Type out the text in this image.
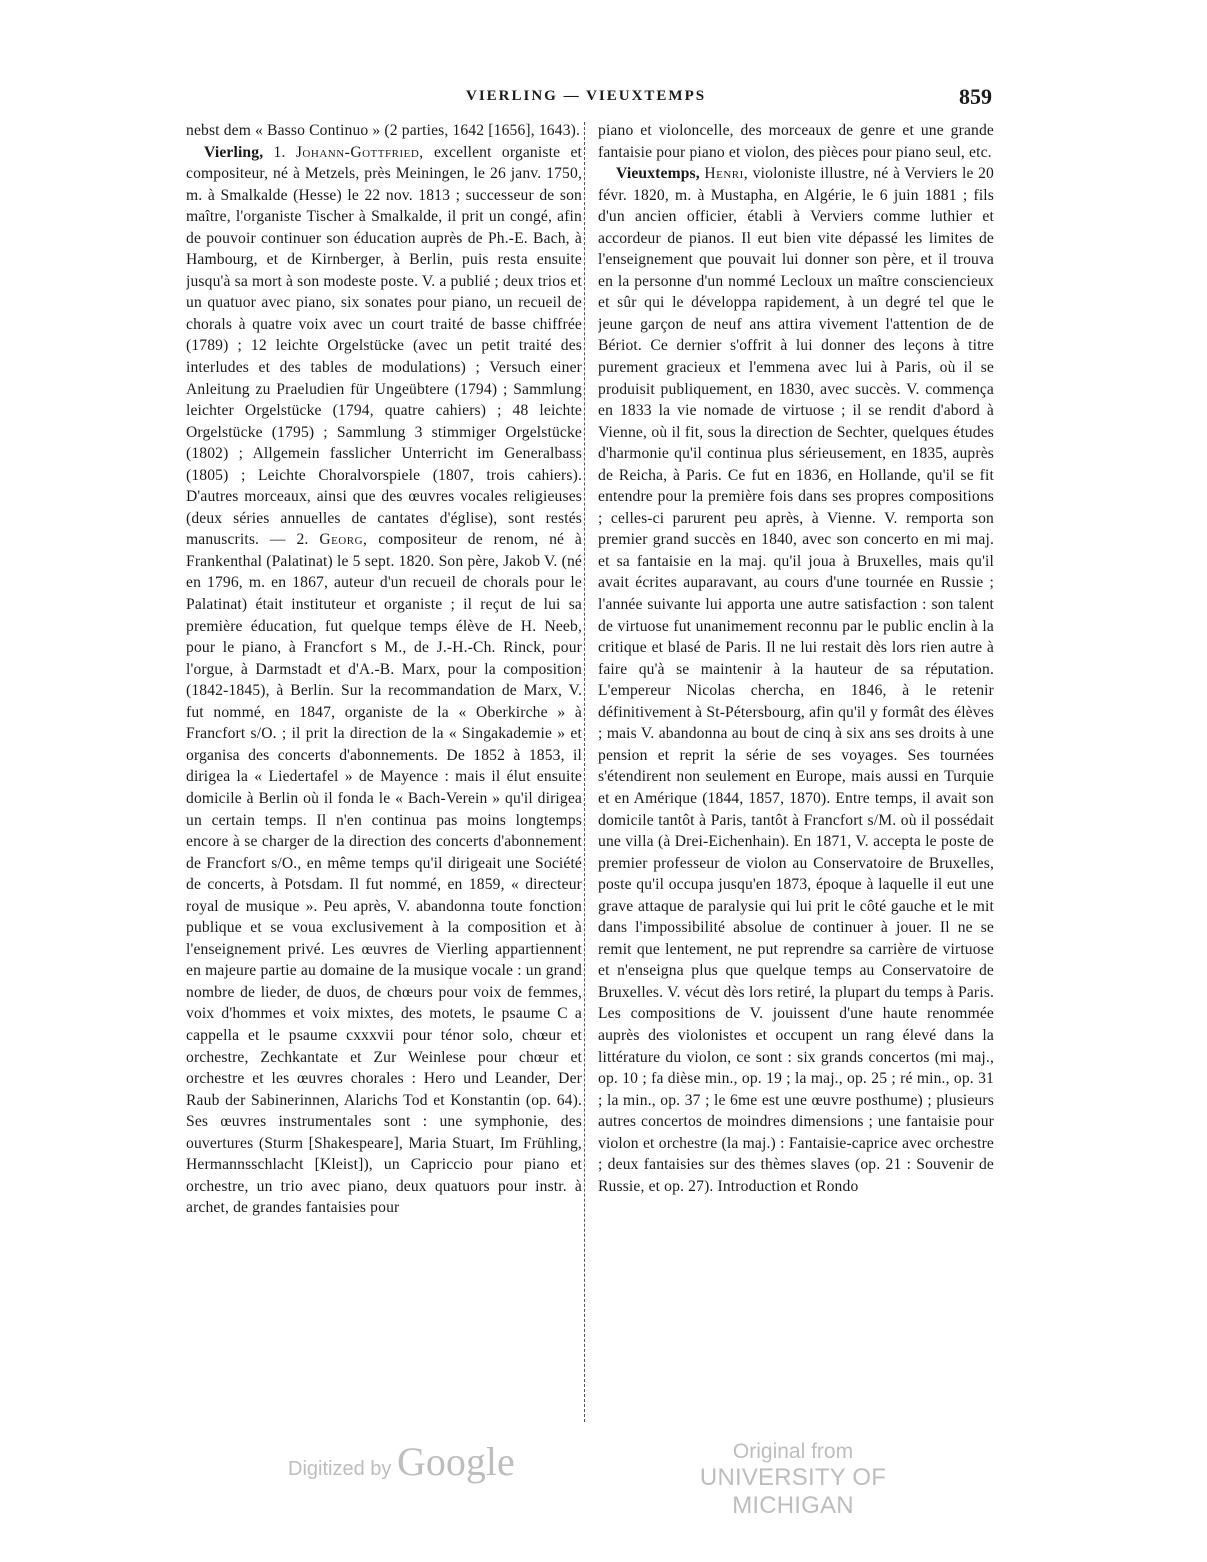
VIERLING — VIEUXTEMPS	859

nebst dem « Basso Continuo » (2 parties, 1642 [1656], 1643).

Vierling, 1. Johann-Gottfried, excellent organiste et compositeur, né à Metzels, près Meiningen, le 26 janv. 1750, m. à Smalkalde (Hesse) le 22 nov. 1813 ; successeur de son maître, l'organiste Tischer à Smalkalde, il prit un congé, afin de pouvoir continuer son éducation auprès de Ph.-E. Bach, à Hambourg, et de Kirnberger, à Berlin, puis resta ensuite jusqu'à sa mort à son modeste poste. V. a publié ; deux trios et un quatuor avec piano, six sonates pour piano, un recueil de chorals à quatre voix avec un court traité de basse chiffrée (1789) ; 12 leichte Orgelstücke (avec un petit traité des interludes et des tables de modulations) ; Versuch einer Anleitung zu Praeludien für Ungeübtere (1794) ; Sammlung leichter Orgelstücke (1794, quatre cahiers) ; 48 leichte Orgelstücke (1795) ; Sammlung 3 stimmiger Orgelstücke (1802) ; Allgemein fasslicher Unterricht im Generalbass (1805) ; Leichte Choralvorspiele (1807, trois cahiers). D'autres morceaux, ainsi que des œuvres vocales religieuses (deux séries annuelles de cantates d'église), sont restés manuscrits. — 2. Georg, compositeur de renom, né à Frankenthal (Palatinat) le 5 sept. 1820. Son père, Jakob V. (né en 1796, m. en 1867, auteur d'un recueil de chorals pour le Palatinat) était instituteur et organiste ; il reçut de lui sa première éducation, fut quelque temps élève de H. Neeb, pour le piano, à Francfort s M., de J.-H.-Ch. Rinck, pour l'orgue, à Darmstadt et d'A.-B. Marx, pour la composition (1842-1845), à Berlin. Sur la recommandation de Marx, V. fut nommé, en 1847, organiste de la « Oberkirche » à Francfort s/O. ; il prit la direction de la « Singakademie » et organisa des concerts d'abonnements. De 1852 à 1853, il dirigea la « Liedertafel » de Mayence : mais il élut ensuite domicile à Berlin où il fonda le « Bach-Verein » qu'il dirigea un certain temps. Il n'en continua pas moins longtemps encore à se charger de la direction des concerts d'abonnement de Francfort s/O., en même temps qu'il dirigeait une Société de concerts, à Potsdam. Il fut nommé, en 1859, « directeur royal de musique ». Peu après, V. abandonna toute fonction publique et se voua exclusivement à la composition et à l'enseignement privé. Les œuvres de Vierling appartiennent en majeure partie au domaine de la musique vocale : un grand nombre de lieder, de duos, de chœurs pour voix de femmes, voix d'hommes et voix mixtes, des motets, le psaume C a cappella et le psaume cxxxvii pour ténor solo, chœur et orchestre, Zechkantate et Zur Weinlese pour chœur et orchestre et les œuvres chorales : Hero und Leander, Der Raub der Sabinerinnen, Alarichs Tod et Konstantin (op. 64). Ses œuvres instrumentales sont : une symphonie, des ouvertures (Sturm [Shakespeare], Maria Stuart, Im Frühling, Hermannsschlacht [Kleist]), un Capriccio pour piano et orchestre, un trio avec piano, deux quatuors pour instr. à archet, de grandes fantaisies pour

piano et violoncelle, des morceaux de genre et une grande fantaisie pour piano et violon, des pièces pour piano seul, etc.

Vieuxtemps, Henri, violoniste illustre, né à Verviers le 20 févr. 1820, m. à Mustapha, en Algérie, le 6 juin 1881 ; fils d'un ancien officier, établi à Verviers comme luthier et accordeur de pianos. Il eut bien vite dépassé les limites de l'enseignement que pouvait lui donner son père, et il trouva en la personne d'un nommé Lecloux un maître consciencieux et sûr qui le développa rapidement, à un degré tel que le jeune garçon de neuf ans attira vivement l'attention de de Bériot. Ce dernier s'offrit à lui donner des leçons à titre purement gracieux et l'emmena avec lui à Paris, où il se produisit publiquement, en 1830, avec succès. V. commença en 1833 la vie nomade de virtuose ; il se rendit d'abord à Vienne, où il fit, sous la direction de Sechter, quelques études d'harmonie qu'il continua plus sérieusement, en 1835, auprès de Reicha, à Paris. Ce fut en 1836, en Hollande, qu'il se fit entendre pour la première fois dans ses propres compositions ; celles-ci parurent peu après, à Vienne. V. remporta son premier grand succès en 1840, avec son concerto en mi maj. et sa fantaisie en la maj. qu'il joua à Bruxelles, mais qu'il avait écrites auparavant, au cours d'une tournée en Russie ; l'année suivante lui apporta une autre satisfaction : son talent de virtuose fut unanimement reconnu par le public enclin à la critique et blasé de Paris. Il ne lui restait dès lors rien autre à faire qu'à se maintenir à la hauteur de sa réputation. L'empereur Nicolas chercha, en 1846, à le retenir définitivement à St-Pétersbourg, afin qu'il y formât des élèves ; mais V. abandonna au bout de cinq à six ans ses droits à une pension et reprit la série de ses voyages. Ses tournées s'étendirent non seulement en Europe, mais aussi en Turquie et en Amérique (1844, 1857, 1870). Entre temps, il avait son domicile tantôt à Paris, tantôt à Francfort s/M. où il possédait une villa (à Drei-Eichenhain). En 1871, V. accepta le poste de premier professeur de violon au Conservatoire de Bruxelles, poste qu'il occupa jusqu'en 1873, époque à laquelle il eut une grave attaque de paralysie qui lui prit le côté gauche et le mit dans l'impossibilité absolue de continuer à jouer. Il ne se remit que lentement, ne put reprendre sa carrière de virtuose et n'enseigna plus que quelque temps au Conservatoire de Bruxelles. V. vécut dès lors retiré, la plupart du temps à Paris. Les compositions de V. jouissent d'une haute renommée auprès des violonistes et occupent un rang élevé dans la littérature du violon, ce sont : six grands concertos (mi maj., op. 10 ; fa dièse min., op. 19 ; la maj., op. 25 ; ré min., op. 31 ; la min., op. 37 ; le 6me est une œuvre posthume) ; plusieurs autres concertos de moindres dimensions ; une fantaisie pour violon et orchestre (la maj.) : Fantaisie-caprice avec orchestre ; deux fantaisies sur des thèmes slaves (op. 21 : Souvenir de Russie, et op. 27). Introduction et Rondo

Digitized by Google	Original from
UNIVERSITY OF MICHIGAN
